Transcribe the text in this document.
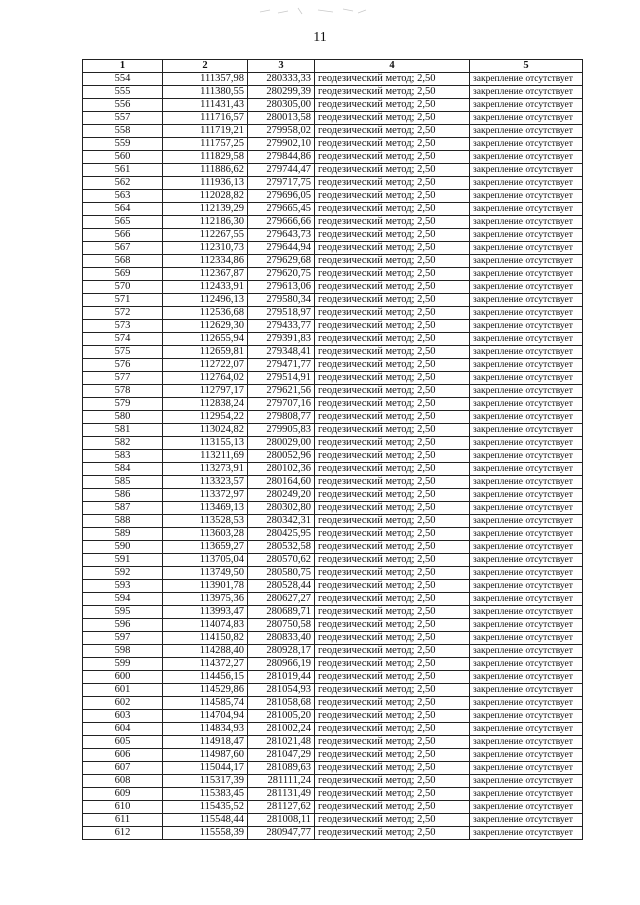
11
1	2	3	4	5
554	111357,98	280333,33	геодезический метод; 2,50	закрепление отсутствует
555	111380,55	280299,39	геодезический метод; 2,50	закрепление отсутствует
556	111431,43	280305,00	геодезический метод; 2,50	закрепление отсутствует
557	111716,57	280013,58	геодезический метод; 2,50	закрепление отсутствует
558	111719,21	279958,02	геодезический метод; 2,50	закрепление отсутствует
559	111757,25	279902,10	геодезический метод; 2,50	закрепление отсутствует
560	111829,58	279844,86	геодезический метод; 2,50	закрепление отсутствует
561	111886,62	279744,47	геодезический метод; 2,50	закрепление отсутствует
562	111936,13	279717,75	геодезический метод; 2,50	закрепление отсутствует
563	112028,82	279696,05	геодезический метод; 2,50	закрепление отсутствует
564	112139,29	279665,45	геодезический метод; 2,50	закрепление отсутствует
565	112186,30	279666,66	геодезический метод; 2,50	закрепление отсутствует
566	112267,55	279643,73	геодезический метод; 2,50	закрепление отсутствует
567	112310,73	279644,94	геодезический метод; 2,50	закрепление отсутствует
568	112334,86	279629,68	геодезический метод; 2,50	закрепление отсутствует
569	112367,87	279620,75	геодезический метод; 2,50	закрепление отсутствует
570	112433,91	279613,06	геодезический метод; 2,50	закрепление отсутствует
571	112496,13	279580,34	геодезический метод; 2,50	закрепление отсутствует
572	112536,68	279518,97	геодезический метод; 2,50	закрепление отсутствует
573	112629,30	279433,77	геодезический метод; 2,50	закрепление отсутствует
574	112655,94	279391,83	геодезический метод; 2,50	закрепление отсутствует
575	112659,81	279348,41	геодезический метод; 2,50	закрепление отсутствует
576	112722,07	279471,77	геодезический метод; 2,50	закрепление отсутствует
577	112764,02	279514,91	геодезический метод; 2,50	закрепление отсутствует
578	112797,17	279621,56	геодезический метод; 2,50	закрепление отсутствует
579	112838,24	279707,16	геодезический метод; 2,50	закрепление отсутствует
580	112954,22	279808,77	геодезический метод; 2,50	закрепление отсутствует
581	113024,82	279905,83	геодезический метод; 2,50	закрепление отсутствует
582	113155,13	280029,00	геодезический метод; 2,50	закрепление отсутствует
583	113211,69	280052,96	геодезический метод; 2,50	закрепление отсутствует
584	113273,91	280102,36	геодезический метод; 2,50	закрепление отсутствует
585	113323,57	280164,60	геодезический метод; 2,50	закрепление отсутствует
586	113372,97	280249,20	геодезический метод; 2,50	закрепление отсутствует
587	113469,13	280302,80	геодезический метод; 2,50	закрепление отсутствует
588	113528,53	280342,31	геодезический метод; 2,50	закрепление отсутствует
589	113603,28	280425,95	геодезический метод; 2,50	закрепление отсутствует
590	113659,27	280532,58	геодезический метод; 2,50	закрепление отсутствует
591	113705,04	280570,62	геодезический метод; 2,50	закрепление отсутствует
592	113749,50	280580,75	геодезический метод; 2,50	закрепление отсутствует
593	113901,78	280528,44	геодезический метод; 2,50	закрепление отсутствует
594	113975,36	280627,27	геодезический метод; 2,50	закрепление отсутствует
595	113993,47	280689,71	геодезический метод; 2,50	закрепление отсутствует
596	114074,83	280750,58	геодезический метод; 2,50	закрепление отсутствует
597	114150,82	280833,40	геодезический метод; 2,50	закрепление отсутствует
598	114288,40	280928,17	геодезический метод; 2,50	закрепление отсутствует
599	114372,27	280966,19	геодезический метод; 2,50	закрепление отсутствует
600	114456,15	281019,44	геодезический метод; 2,50	закрепление отсутствует
601	114529,86	281054,93	геодезический метод; 2,50	закрепление отсутствует
602	114585,74	281058,68	геодезический метод; 2,50	закрепление отсутствует
603	114704,94	281005,20	геодезический метод; 2,50	закрепление отсутствует
604	114834,93	281002,24	геодезический метод; 2,50	закрепление отсутствует
605	114918,47	281021,48	геодезический метод; 2,50	закрепление отсутствует
606	114987,60	281047,29	геодезический метод; 2,50	закрепление отсутствует
607	115044,17	281089,63	геодезический метод; 2,50	закрепление отсутствует
608	115317,39	281111,24	геодезический метод; 2,50	закрепление отсутствует
609	115383,45	281131,49	геодезический метод; 2,50	закрепление отсутствует
610	115435,52	281127,62	геодезический метод; 2,50	закрепление отсутствует
611	115548,44	281008,11	геодезический метод; 2,50	закрепление отсутствует
612	115558,39	280947,77	геодезический метод; 2,50	закрепление отсутствует
